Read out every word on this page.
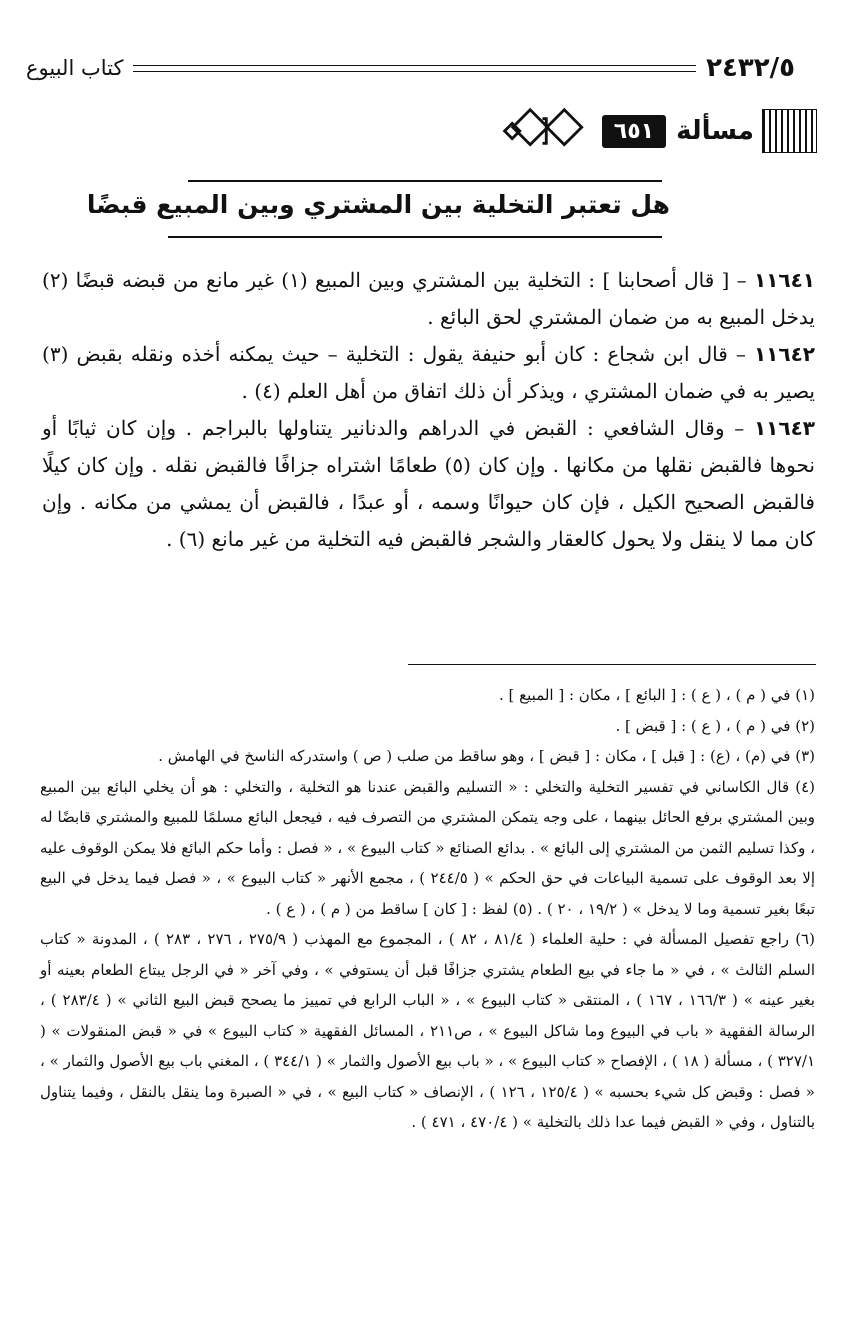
٢٤٣٢/٥
كتاب البيوع
مسألة
٦٥١
هل تعتبر التخلية بين المشتري وبين المبيع قبضًا

١١٦٤١ – [ قال أصحابنا ] : التخلية بين المشتري وبين المبيع (١) غير مانع من قبضه قبضًا (٢) يدخل المبيع به من ضمان المشتري لحق البائع .

١١٦٤٢ – قال ابن شجاع : كان أبو حنيفة يقول : التخلية – حيث يمكنه أخذه ونقله بقبض (٣) يصير به في ضمان المشتري ، ويذكر أن ذلك اتفاق من أهل العلم (٤) .

١١٦٤٣ – وقال الشافعي : القبض في الدراهم والدنانير يتناولها بالبراجم . وإن كان ثيابًا أو نحوها فالقبض نقلها من مكانها . وإن كان (٥) طعامًا اشتراه جزافًا فالقبض نقله . وإن كان كيلًا فالقبض الصحيح الكيل ، فإن كان حيوانًا وسمه ، أو عبدًا ، فالقبض أن يمشي من مكانه . وإن كان مما لا ينقل ولا يحول كالعقار والشجر فالقبض فيه التخلية من غير مانع (٦) .

(١) في ( م ) ، ( ع ) : [ البائع ] ، مكان : [ المبيع ] .

(٢) في ( م ) ، ( ع ) : [ قبض ] .

(٣) في (م) ، (ع) : [ قبل ] ، مكان : [ قبض ] ، وهو ساقط من صلب ( ص ) واستدركه الناسخ في الهامش .

(٤) قال الكاساني في تفسير التخلية والتخلي : « التسليم والقبض عندنا هو التخلية ، والتخلي : هو أن يخلي البائع بين المبيع وبين المشتري برفع الحائل بينهما ، على وجه يتمكن المشتري من التصرف فيه ، فيجعل البائع مسلمًا للمبيع والمشتري قابضًا له ، وكذا تسليم الثمن من المشتري إلى البائع » . بدائع الصنائع « كتاب البيوع » ، « فصل : وأما حكم البائع فلا يمكن الوقوف عليه إلا بعد الوقوف على تسمية البياعات في حق الحكم » ( ٢٤٤/٥ ) ، مجمع الأنهر « كتاب البيوع » ، « فصل فيما يدخل في البيع تبعًا بغير تسمية وما لا يدخل » ( ١٩/٢ ، ٢٠ ) . (٥) لفظ : [ كان ] ساقط من ( م ) ، ( ع ) .

(٦) راجع تفصيل المسألة في : حلية العلماء ( ٨١/٤ ، ٨٢ ) ، المجموع مع المهذب ( ٢٧٥/٩ ، ٢٧٦ ، ٢٨٣ ) ، المدونة « كتاب السلم الثالث » ، في « ما جاء في بيع الطعام يشتري جزافًا قبل أن يستوفي » ، وفي آخر « في الرجل يبتاع الطعام بعينه أو بغير عينه » ( ١٦٦/٣ ، ١٦٧ ) ، المنتقى « كتاب البيوع » ، « الباب الرابع في تمييز ما يصحح قبض البيع الثاني » ( ٢٨٣/٤ ) ، الرسالة الفقهية « باب في البيوع وما شاكل البيوع » ، ص٢١١ ، المسائل الفقهية « كتاب البيوع » في « قبض المنقولات » ( ٣٢٧/١ ) ، مسألة ( ١٨ ) ، الإفصاح « كتاب البيوع » ، « باب بيع الأصول والثمار » ( ٣٤٤/١ ) ، المغني باب بيع الأصول والثمار » ، « فصل : وقبض كل شيء بحسبه » ( ١٢٥/٤ ، ١٢٦ ) ، الإنصاف « كتاب البيع » ، في « الصبرة وما ينقل بالنقل ، وفيما يتناول بالتناول ، وفي « القبض فيما عدا ذلك بالتخلية » ( ٤٧٠/٤ ، ٤٧١ ) .
